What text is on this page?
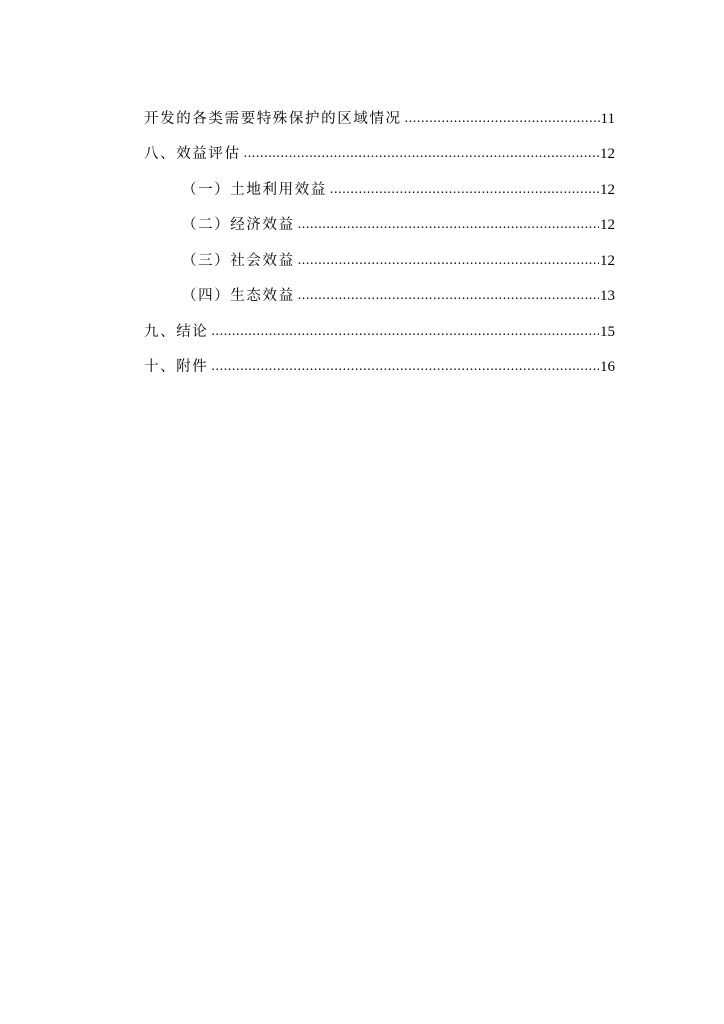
开发的各类需要特殊保护的区域情况 .....	11
八、效益评估 .....	12
（一）土地利用效益 .....	12
（二）经济效益 .....	12
（三）社会效益 .....	12
（四）生态效益 .....	13
九、结论 .....	15
十、附件 .....	16
